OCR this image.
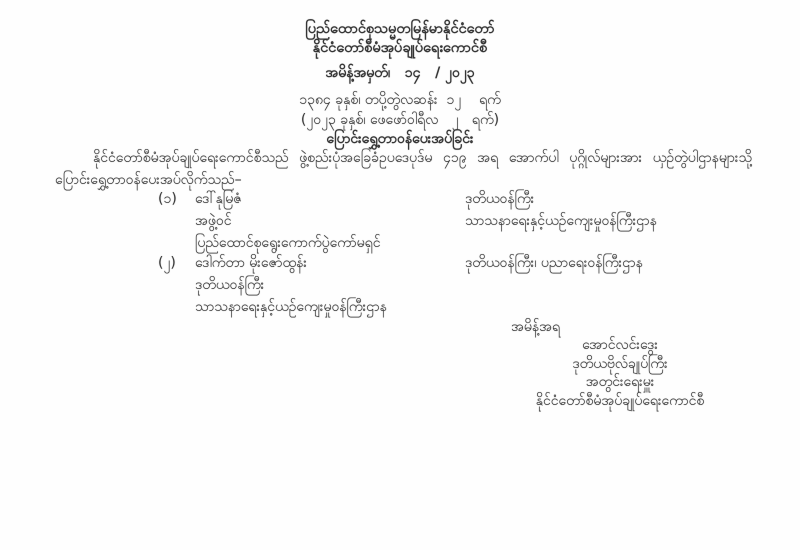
ပြည်ထောင်စုသမ္မတမြန်မာနိုင်ငံတော်
နိုင်ငံတော်စီမံအုပ်ချုပ်ရေးကောင်စီ
အမိန့်အမှတ်၊   ၁၄   / ၂၀၂၃
၁၃၈၄ ခုနှစ်၊ တပို့တွဲလဆန်း  ၁၂    ရက်
(၂၀၂၃ ခုနှစ်၊ ဖေဖော်ဝါရီလ   ၂   ရက်)
ပြောင်းရွှေ့တာဝန်ပေးအပ်ခြင်း
နိုင်ငံတော်စီမံအုပ်ချုပ်ရေးကောင်စီသည် ဖွဲ့စည်းပုံအခြေခံဥပဒေပုဒ်မ ၄၁၉ အရ အောက်ပါ ပုဂ္ဂိုလ်များအား ယှဉ်တွဲပါဌာနများသို့ ပြောင်းရွှေ့တာဝန်ပေးအပ်လိုက်သည်–
(၁)	ဒေါ်နုမြဇံ	ဒုတိယဝန်ကြီး
အဖွဲ့ဝင်	သာသနာရေးနှင့်ယဉ်ကျေးမှုဝန်ကြီးဌာန
ပြည်ထောင်စုရွေးကောက်ပွဲကော်မရှင်
(၂)	ဒေါက်တာ မိုးဇော်ထွန်း	ဒုတိယဝန်ကြီး၊ ပညာရေးဝန်ကြီးဌာန
ဒုတိယဝန်ကြီး
သာသနာရေးနှင့်ယဉ်ကျေးမှုဝန်ကြီးဌာန
အမိန့်အရ
အောင်လင်းဒွေး
ဒုတိယဗိုလ်ချုပ်ကြီး
အတွင်းရေးမှူး
နိုင်ငံတော်စီမံအုပ်ချုပ်ရေးကောင်စီ
